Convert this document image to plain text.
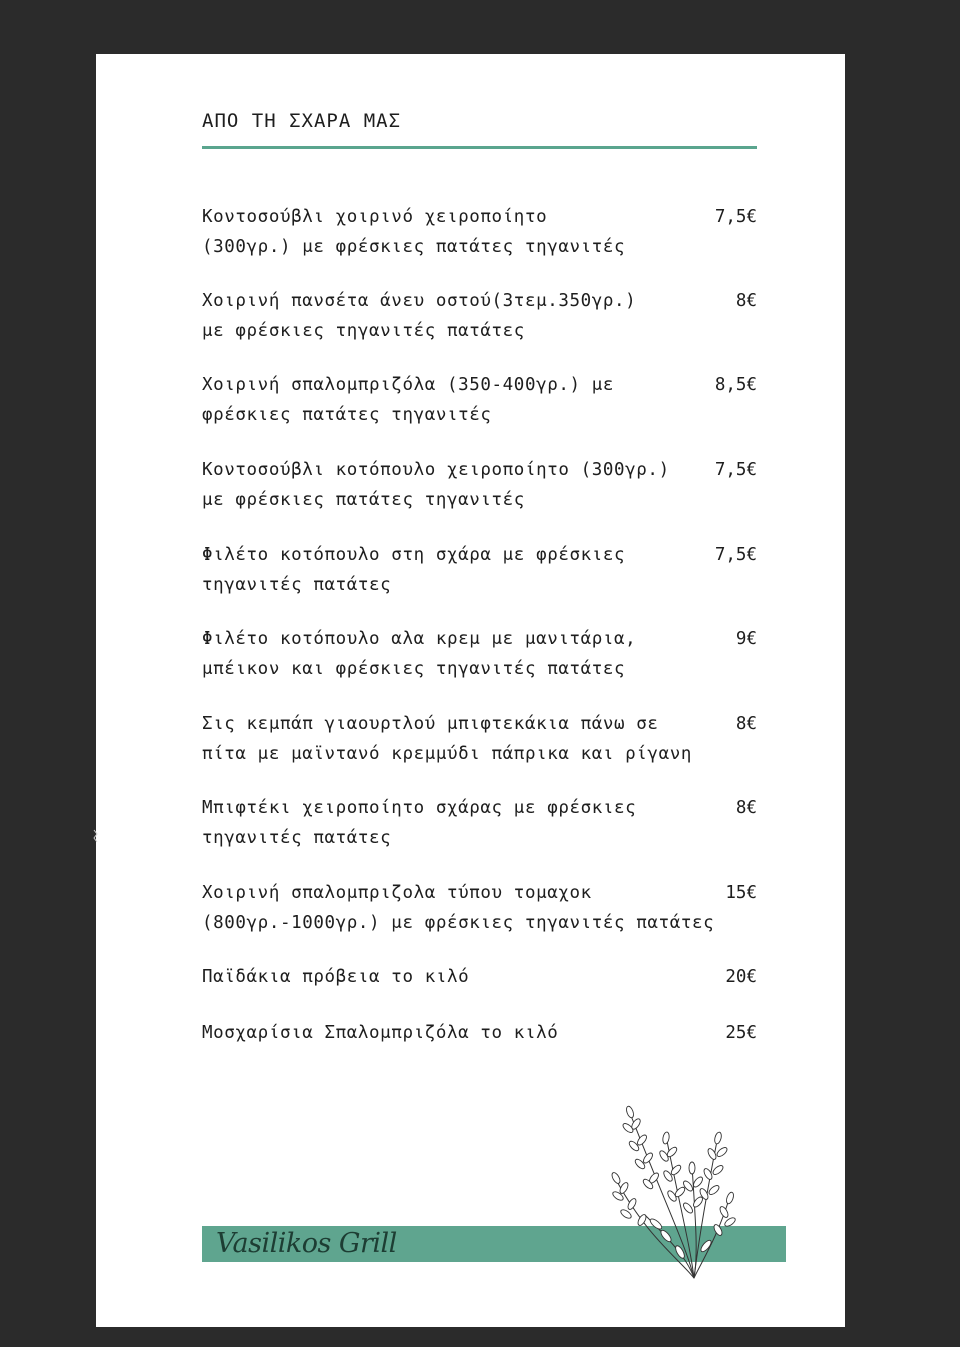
ΑΠΟ ΤΗ ΣΧΑΡΑ ΜΑΣ
Κοντοσούβλι χοιρινό χειροποίητο
(300γρ.) με φρέσκιες πατάτες τηγανιτές
7,5€
Χοιρινή πανσέτα άνευ οστού(3τεμ.350γρ.)
με φρέσκιες τηγανιτές πατάτες
8€
Χοιρινή σπαλομπριζόλα (350-400γρ.) με
φρέσκιες πατάτες τηγανιτές
8,5€
Κοντοσούβλι κοτόπουλο χειροποίητο (300γρ.)
με φρέσκιες πατάτες τηγανιτές
7,5€
Φιλέτο κοτόπουλο στη σχάρα με φρέσκιες
τηγανιτές πατάτες
7,5€
Φιλέτο κοτόπουλο αλα κρεμ με μανιτάρια,
μπέικον και φρέσκιες τηγανιτές πατάτες
9€
Σις κεμπάπ γιαουρτλού μπιφτεκάκια πάνω σε
πίτα με μαϊντανό κρεμμύδι πάπρικα και ρίγανη
8€
Μπιφτέκι χειροποίητο σχάρας με φρέσκιες
τηγανιτές πατάτες
8€
Χοιρινή σπαλομπριζολα τύπου τομαχοκ
(800γρ.-1000γρ.) με φρέσκιες τηγανιτές πατάτες
15€
Παϊδάκια πρόβεια το κιλό	20€
Μοσχαρίσια Σπαλομπριζόλα το κιλό	25€
Vasilikos Grill
